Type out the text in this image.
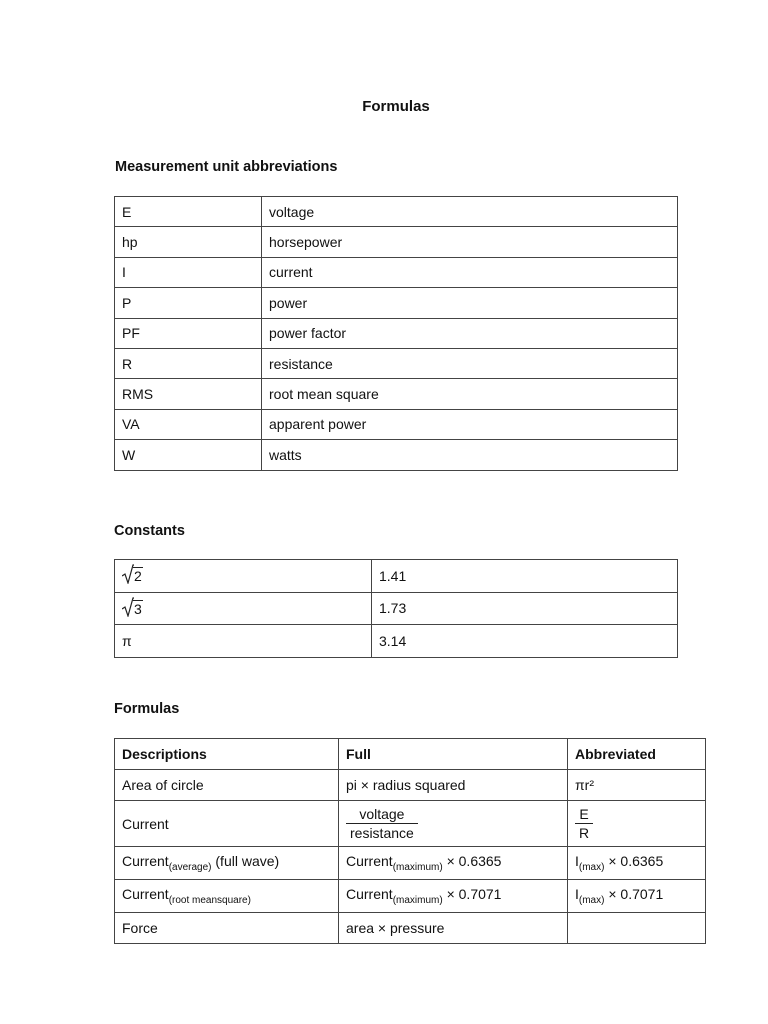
Formulas
Measurement unit abbreviations
E	voltage
hp	horsepower
I	current
P	power
PF	power factor
R	resistance
RMS	root mean square
VA	apparent power
W	watts
Constants
2	1.41

3	1.73
π	3.14
Formulas
Descriptions	Full	Abbreviated
Area of circle	pi × radius squared	πr²
Current	$\frac{\text{voltage}}{\text{resistance}}$	$\frac{E}{R}$

Current$_{(average)}$ (full wave)	Current$_{(maximum)}$ × 0.6365	$I_{(max)} \times 0.6365$
Current$_{(root meansquare)}$	Current$_{(maximum)}$ × 0.7071	$I_{(max)} \times 0.7071$
Force	area × pressure	
